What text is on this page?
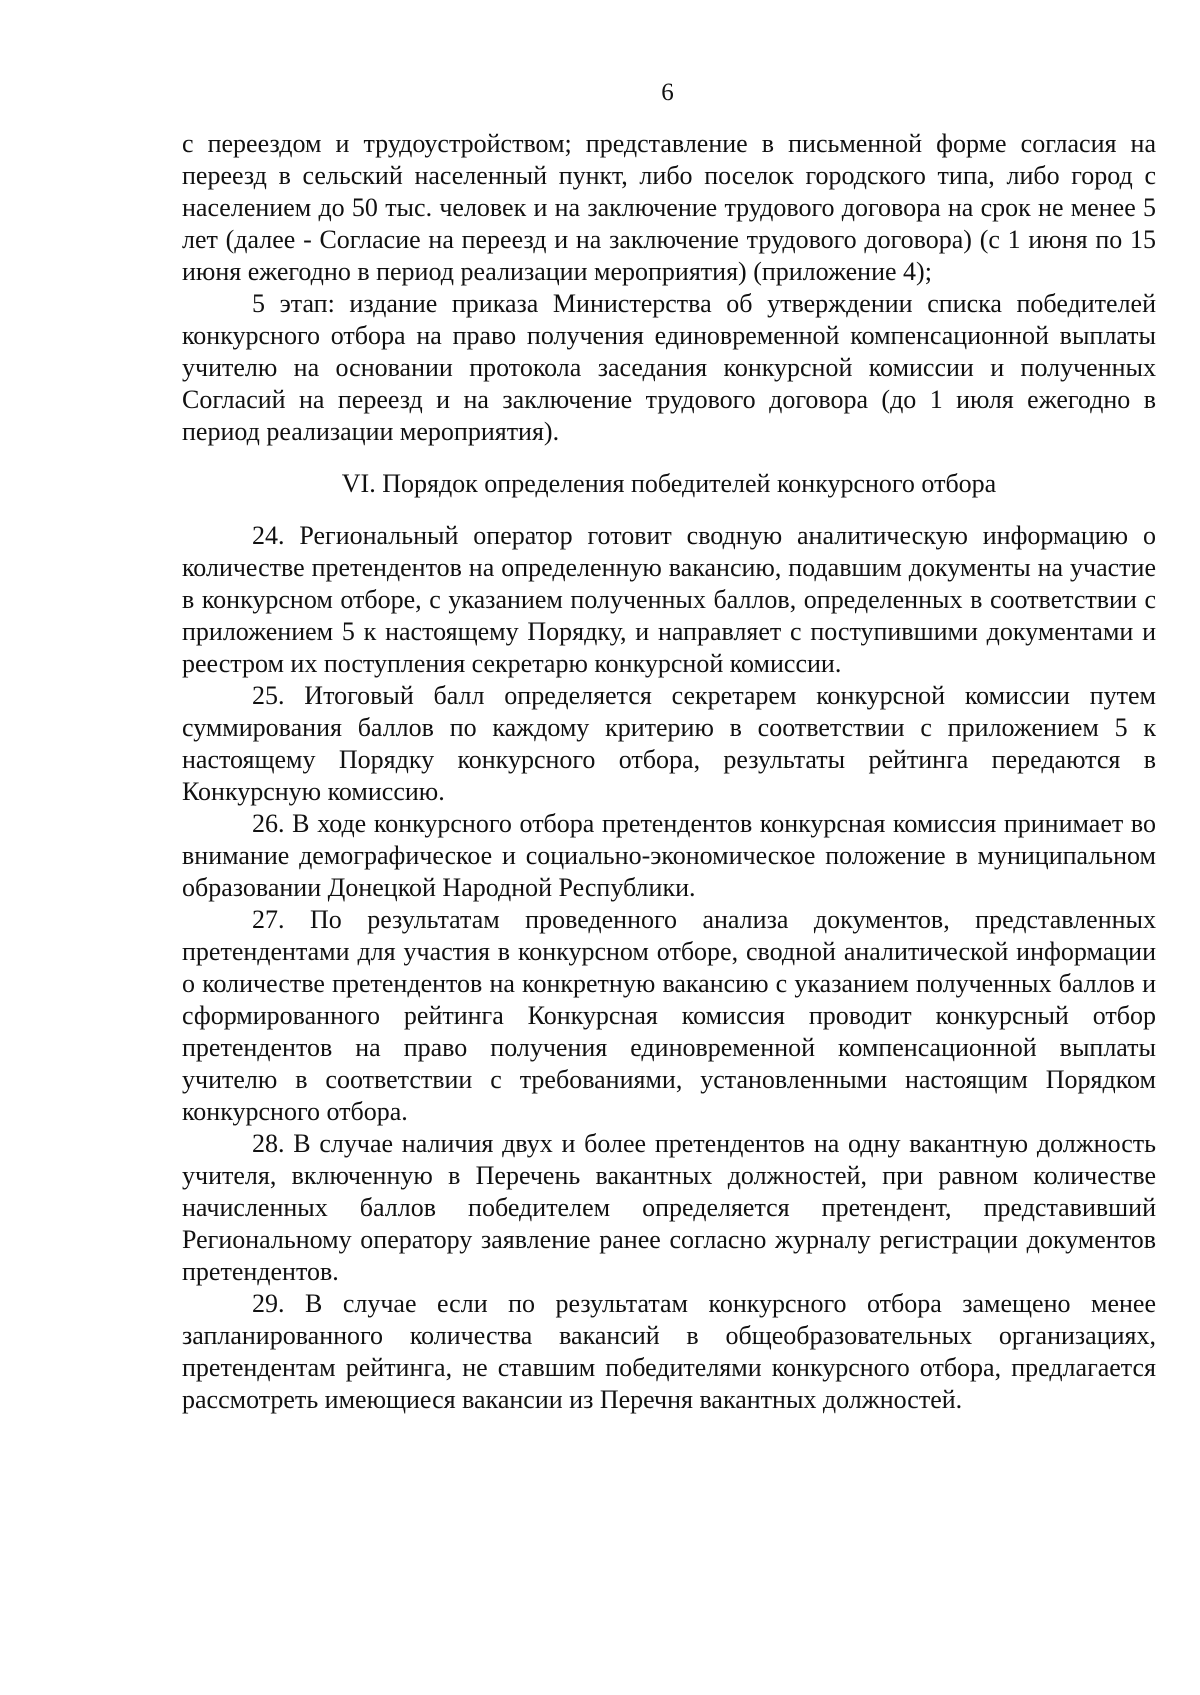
6

с переездом и трудоустройством; представление в письменной форме согласия на переезд в сельский населенный пункт, либо поселок городского типа, либо город с населением до 50 тыс. человек и на заключение трудового договора на срок не менее 5 лет (далее - Согласие на переезд и на заключение трудового договора) (с 1 июня по 15 июня ежегодно в период реализации мероприятия) (приложение 4);

5 этап: издание приказа Министерства об утверждении списка победителей конкурсного отбора на право получения единовременной компенсационной выплаты учителю на основании протокола заседания конкурсной комиссии и полученных Согласий на переезд и на заключение трудового договора (до 1 июля ежегодно в период реализации мероприятия).

VI. Порядок определения победителей конкурсного отбора

24. Региональный оператор готовит сводную аналитическую информацию о количестве претендентов на определенную вакансию, подавшим документы на участие в конкурсном отборе, с указанием полученных баллов, определенных в соответствии с приложением 5 к настоящему Порядку, и направляет с поступившими документами и реестром их поступления секретарю конкурсной комиссии.

25. Итоговый балл определяется секретарем конкурсной комиссии путем суммирования баллов по каждому критерию в соответствии с приложением 5 к настоящему Порядку конкурсного отбора, результаты рейтинга передаются в Конкурсную комиссию.

26. В ходе конкурсного отбора претендентов конкурсная комиссия принимает во внимание демографическое и социально-экономическое положение в муниципальном образовании Донецкой Народной Республики.

27. По результатам проведенного анализа документов, представленных претендентами для участия в конкурсном отборе, сводной аналитической информации о количестве претендентов на конкретную вакансию с указанием полученных баллов и сформированного рейтинга Конкурсная комиссия проводит конкурсный отбор претендентов на право получения единовременной компенсационной выплаты учителю в соответствии с требованиями, установленными настоящим Порядком конкурсного отбора.

28. В случае наличия двух и более претендентов на одну вакантную должность учителя, включенную в Перечень вакантных должностей, при равном количестве начисленных баллов победителем определяется претендент, представивший Региональному оператору заявление ранее согласно журналу регистрации документов претендентов.

29. В случае если по результатам конкурсного отбора замещено менее запланированного количества вакансий в общеобразовательных организациях, претендентам рейтинга, не ставшим победителями конкурсного отбора, предлагается рассмотреть имеющиеся вакансии из Перечня вакантных должностей.
